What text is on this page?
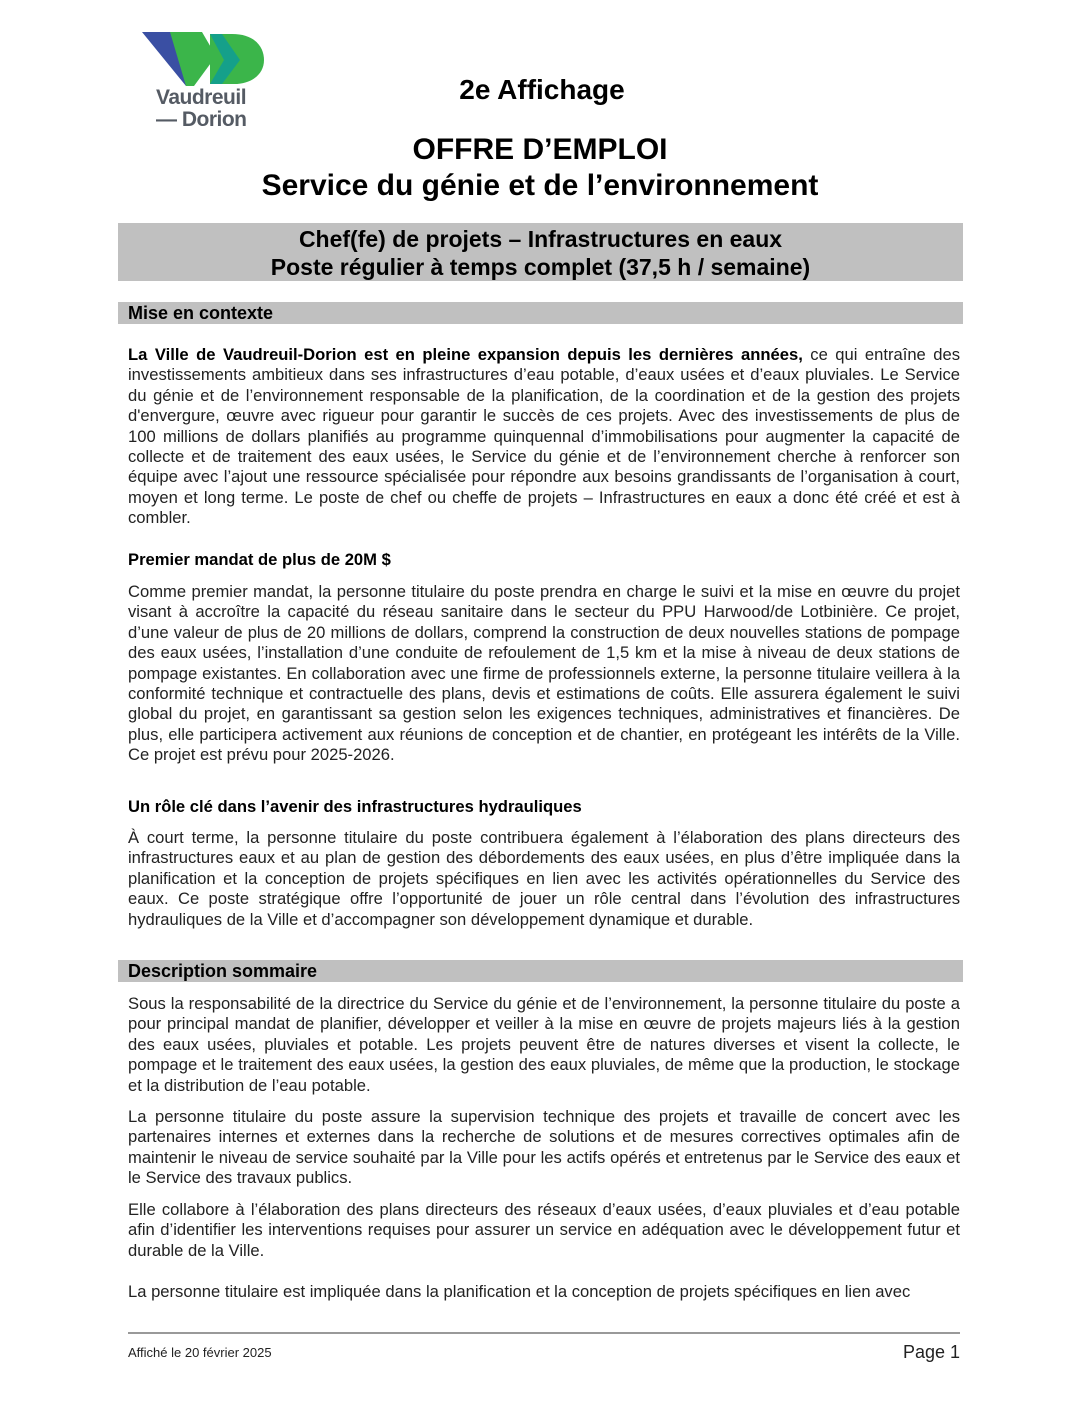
Vaudreuil
— Dorion
2e Affichage
OFFRE D’EMPLOI
Service du génie et de l’environnement
Chef(fe) de projets – Infrastructures en eaux
Poste régulier à temps complet (37,5 h / semaine)
Mise en contexte
La Ville de Vaudreuil-Dorion est en pleine expansion depuis les dernières années, ce qui entraîne des investissements ambitieux dans ses infrastructures d’eau potable, d’eaux usées et d’eaux pluviales. Le Service du génie et de l’environnement responsable de la planification, de la coordination et de la gestion des projets d'envergure, œuvre avec rigueur pour garantir le succès de ces projets. Avec des investissements de plus de 100 millions de dollars planifiés au programme quinquennal d’immobilisations pour augmenter la capacité de collecte et de traitement des eaux usées, le Service du génie et de l’environnement cherche à renforcer son équipe avec l’ajout une ressource spécialisée pour répondre aux besoins grandissants de l’organisation à court, moyen et long terme. Le poste de chef ou cheffe de projets – Infrastructures en eaux a donc été créé et est à combler.
Premier mandat de plus de 20M $
Comme premier mandat, la personne titulaire du poste prendra en charge le suivi et la mise en œuvre du projet visant à accroître la capacité du réseau sanitaire dans le secteur du PPU Harwood/de Lotbinière. Ce projet, d’une valeur de plus de 20 millions de dollars, comprend la construction de deux nouvelles stations de pompage des eaux usées, l’installation d’une conduite de refoulement de 1,5 km et la mise à niveau de deux stations de pompage existantes. En collaboration avec une firme de professionnels externe, la personne titulaire veillera à la conformité technique et contractuelle des plans, devis et estimations de coûts. Elle assurera également le suivi global du projet, en garantissant sa gestion selon les exigences techniques, administratives et financières. De plus, elle participera activement aux réunions de conception et de chantier, en protégeant les intérêts de la Ville. Ce projet est prévu pour 2025-2026.
Un rôle clé dans l’avenir des infrastructures hydrauliques
À court terme, la personne titulaire du poste contribuera également à l’élaboration des plans directeurs des infrastructures eaux et au plan de gestion des débordements des eaux usées, en plus d’être impliquée dans la planification et la conception de projets spécifiques en lien avec les activités opérationnelles du Service des eaux. Ce poste stratégique offre l’opportunité de jouer un rôle central dans l’évolution des infrastructures hydrauliques de la Ville et d’accompagner son développement dynamique et durable.
Description sommaire
Sous la responsabilité de la directrice du Service du génie et de l’environnement, la personne titulaire du poste a pour principal mandat de planifier, développer et veiller à la mise en œuvre de projets majeurs liés à la gestion des eaux usées, pluviales et potable. Les projets peuvent être de natures diverses et visent la collecte, le pompage et le traitement des eaux usées, la gestion des eaux pluviales, de même que la production, le stockage et la distribution de l’eau potable.
La personne titulaire du poste assure la supervision technique des projets et travaille de concert avec les partenaires internes et externes dans la recherche de solutions et de mesures correctives optimales afin de maintenir le niveau de service souhaité par la Ville pour les actifs opérés et entretenus par le Service des eaux et le Service des travaux publics.
Elle collabore à l’élaboration des plans directeurs des réseaux d’eaux usées, d’eaux pluviales et d’eau potable afin d’identifier les interventions requises pour assurer un service en adéquation avec le développement futur et durable de la Ville.
La personne titulaire est impliquée dans la planification et la conception de projets spécifiques en lien avec
Affiché le 20 février 2025	Page 1
